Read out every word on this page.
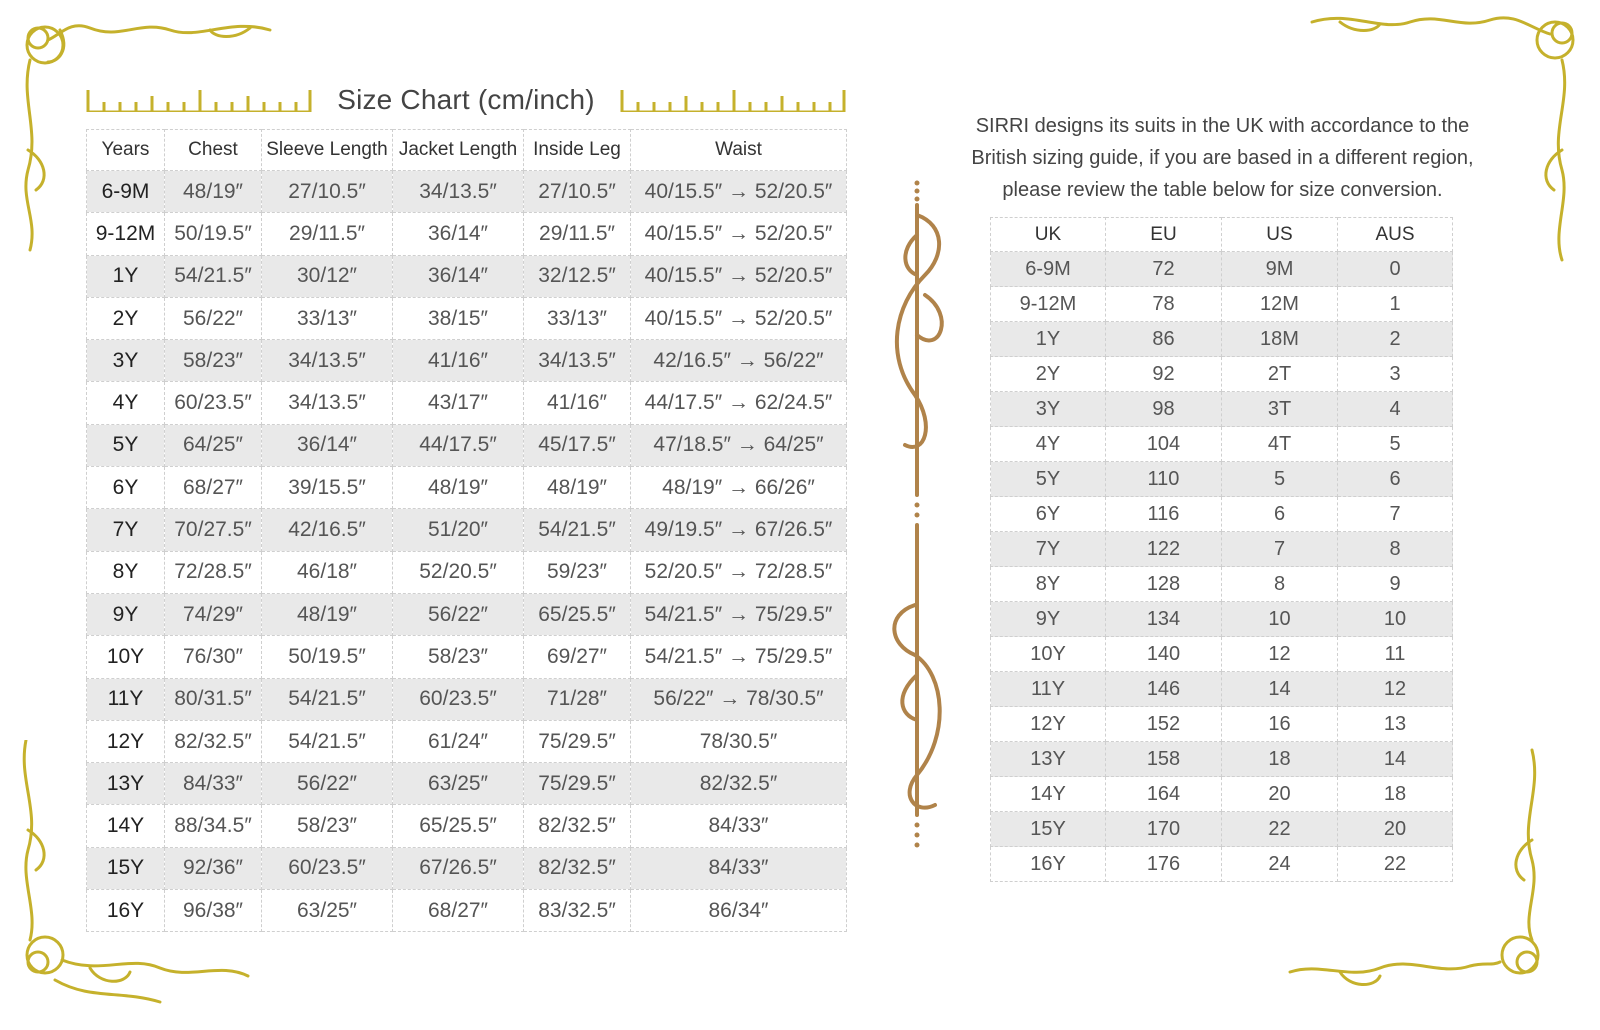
Size Chart (cm/inch)
Years	Chest	Sleeve Length	Jacket Length	Inside Leg	Waist
6-9M	48/19″	27/10.5″	34/13.5″	27/10.5″	40/15.5″ → 52/20.5″
9-12M	50/19.5″	29/11.5″	36/14″	29/11.5″	40/15.5″ → 52/20.5″
1Y	54/21.5″	30/12″	36/14″	32/12.5″	40/15.5″ → 52/20.5″
2Y	56/22″	33/13″	38/15″	33/13″	40/15.5″ → 52/20.5″
3Y	58/23″	34/13.5″	41/16″	34/13.5″	42/16.5″ → 56/22″
4Y	60/23.5″	34/13.5″	43/17″	41/16″	44/17.5″ → 62/24.5″
5Y	64/25″	36/14″	44/17.5″	45/17.5″	47/18.5″ → 64/25″
6Y	68/27″	39/15.5″	48/19″	48/19″	48/19″ → 66/26″
7Y	70/27.5″	42/16.5″	51/20″	54/21.5″	49/19.5″ → 67/26.5″
8Y	72/28.5″	46/18″	52/20.5″	59/23″	52/20.5″ → 72/28.5″
9Y	74/29″	48/19″	56/22″	65/25.5″	54/21.5″ → 75/29.5″
10Y	76/30″	50/19.5″	58/23″	69/27″	54/21.5″ → 75/29.5″
11Y	80/31.5″	54/21.5″	60/23.5″	71/28″	56/22″ → 78/30.5″
12Y	82/32.5″	54/21.5″	61/24″	75/29.5″	78/30.5″
13Y	84/33″	56/22″	63/25″	75/29.5″	82/32.5″
14Y	88/34.5″	58/23″	65/25.5″	82/32.5″	84/33″
15Y	92/36″	60/23.5″	67/26.5″	82/32.5″	84/33″
16Y	96/38″	63/25″	68/27″	83/32.5″	86/34″
SIRRI designs its suits in the UK with accordance to the
British sizing guide, if you are based in a different region,
please review the table below for size conversion.
UK	EU	US	AUS
6-9M	72	9M	0
9-12M	78	12M	1
1Y	86	18M	2
2Y	92	2T	3
3Y	98	3T	4
4Y	104	4T	5
5Y	110	5	6
6Y	116	6	7
7Y	122	7	8
8Y	128	8	9
9Y	134	10	10
10Y	140	12	11
11Y	146	14	12
12Y	152	16	13
13Y	158	18	14
14Y	164	20	18
15Y	170	22	20
16Y	176	24	22
